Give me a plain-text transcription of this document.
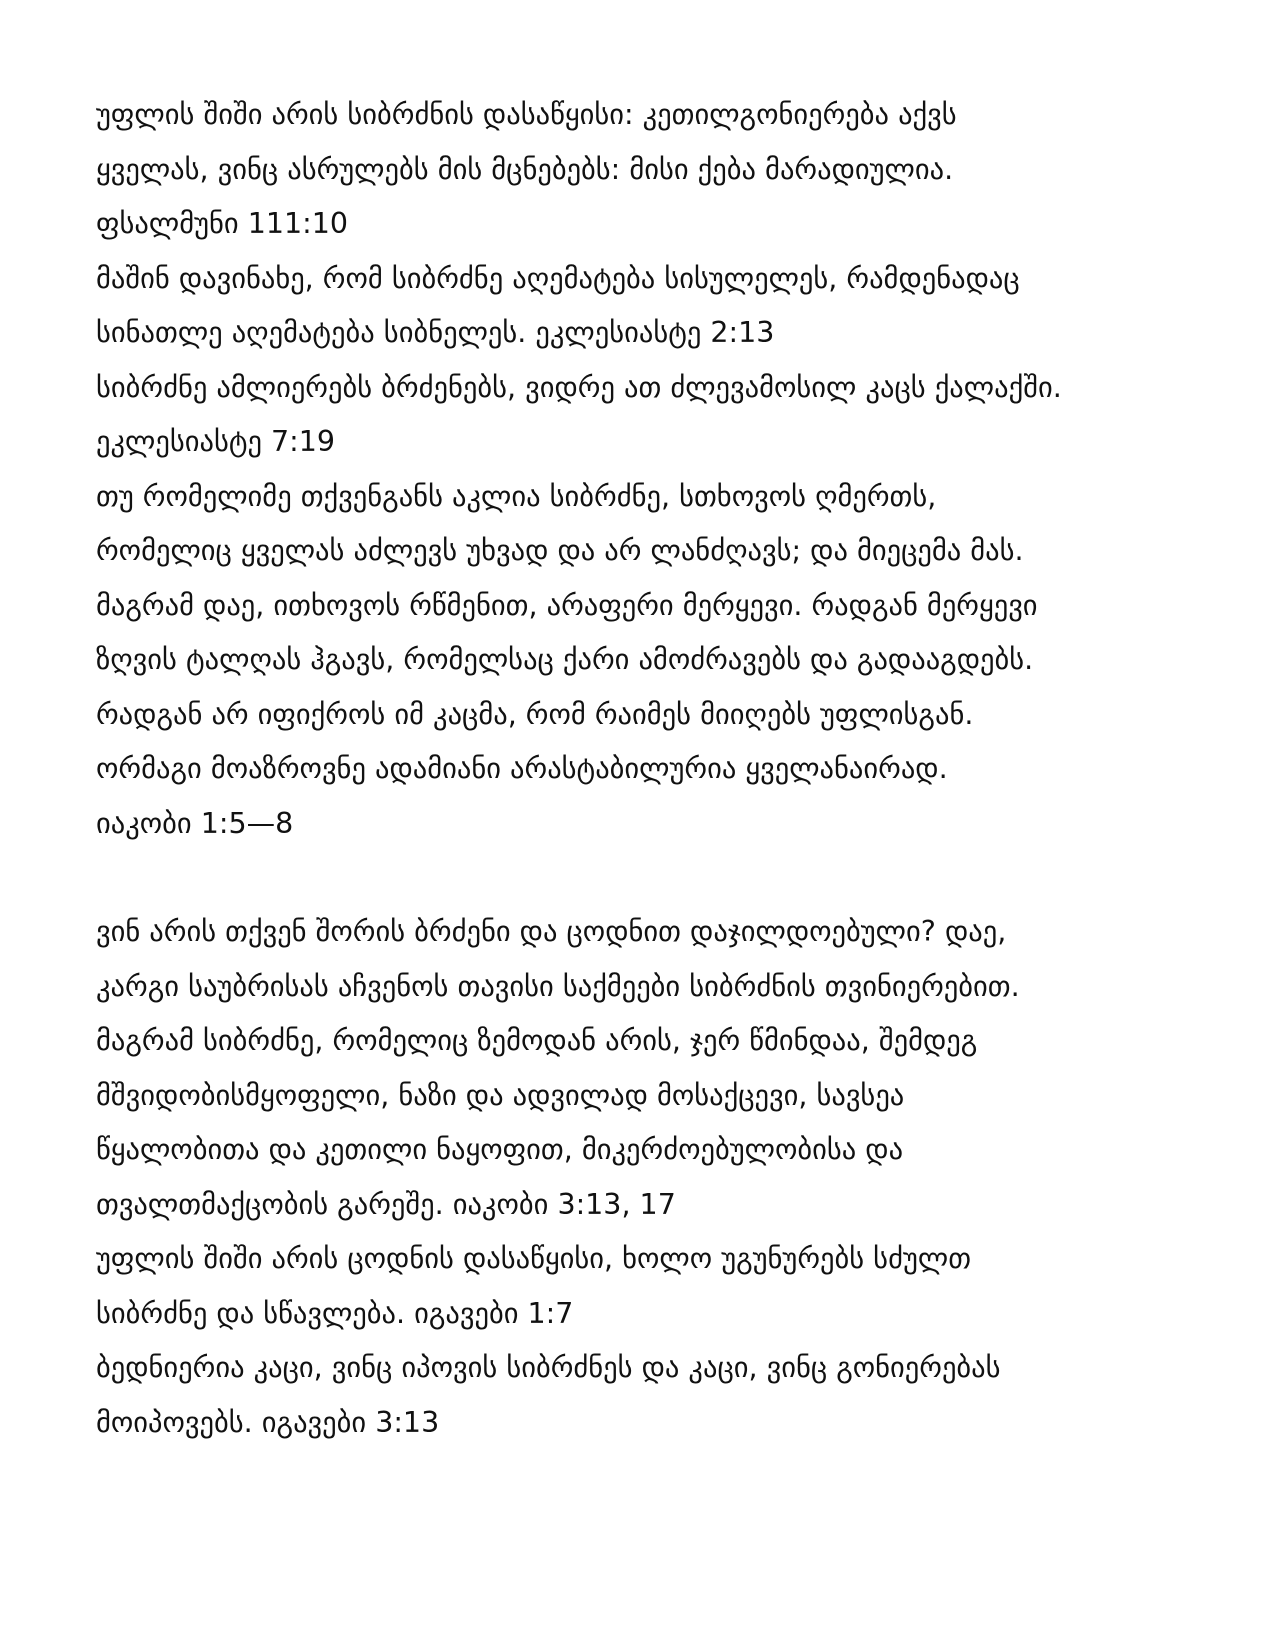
უფლის შიში არის სიბრძნის დასაწყისი: კეთილგონიერება აქვს
ყველას, ვინც ასრულებს მის მცნებებს: მისი ქება მარადიულია.
ფსალმუნი 111:10
მაშინ დავინახე, რომ სიბრძნე აღემატება სისულელეს, რამდენადაც
სინათლე აღემატება სიბნელეს. ეკლესიასტე 2:13
სიბრძნე ამლიერებს ბრძენებს, ვიდრე ათ ძლევამოსილ კაცს ქალაქში.
ეკლესიასტე 7:19
თუ რომელიმე თქვენგანს აკლია სიბრძნე, სთხოვოს ღმერთს,
რომელიც ყველას აძლევს უხვად და არ ლანძღავს; და მიეცემა მას.
მაგრამ დაე, ითხოვოს რწმენით, არაფერი მერყევი. რადგან მერყევი
ზღვის ტალღას ჰგავს, რომელსაც ქარი ამოძრავებს და გადააგდებს.
რადგან არ იფიქროს იმ კაცმა, რომ რაიმეს მიიღებს უფლისგან.
ორმაგი მოაზროვნე ადამიანი არასტაბილურია ყველანაირად.
იაკობი 1:5—8
ვინ არის თქვენ შორის ბრძენი და ცოდნით დაჯილდოებული? დაე,
კარგი საუბრისას აჩვენოს თავისი საქმეები სიბრძნის თვინიერებით.
მაგრამ სიბრძნე, რომელიც ზემოდან არის, ჯერ წმინდაა, შემდეგ
მშვიდობისმყოფელი, ნაზი და ადვილად მოსაქცევი, სავსეა
წყალობითა და კეთილი ნაყოფით, მიკერძოებულობისა და
თვალთმაქცობის გარეშე. იაკობი 3:13, 17
უფლის შიში არის ცოდნის დასაწყისი, ხოლო უგუნურებს სძულთ
სიბრძნე და სწავლება. იგავები 1:7
ბედნიერია კაცი, ვინც იპოვის სიბრძნეს და კაცი, ვინც გონიერებას
მოიპოვებს. იგავები 3:13
